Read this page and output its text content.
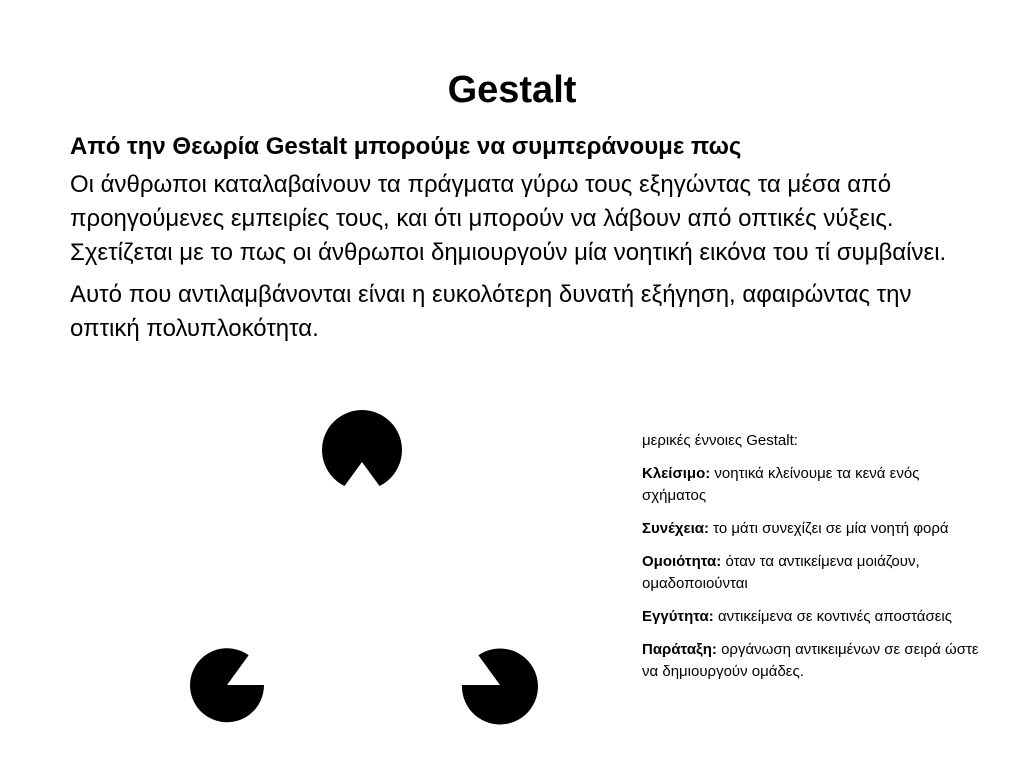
Gestalt

Από την Θεωρία Gestalt μπορούμε να συμπεράνουμε πως

Οι άνθρωποι καταλαβαίνουν τα πράγματα γύρω τους εξηγώντας τα μέσα από προηγούμενες εμπειρίες τους, και ότι μπορούν να λάβουν από οπτικές νύξεις. Σχετίζεται με το πως οι άνθρωποι δημιουργούν μία νοητική εικόνα του τί συμβαίνει.

Αυτό που αντιλαμβάνονται είναι η ευκολότερη δυνατή εξήγηση, αφαιρώντας την οπτική πολυπλοκότητα.

μερικές έννοιες Gestalt:

Κλείσιμο: νοητικά κλείνουμε τα κενά ενός σχήματος

Συνέχεια: το μάτι συνεχίζει σε μία νοητή φορά

Ομοιότητα: όταν τα αντικείμενα μοιάζουν, ομαδοποιούνται

Εγγύτητα: αντικείμενα σε κοντινές αποστάσεις

Παράταξη: οργάνωση αντικειμένων σε σειρά ώστε να δημιουργούν ομάδες.
